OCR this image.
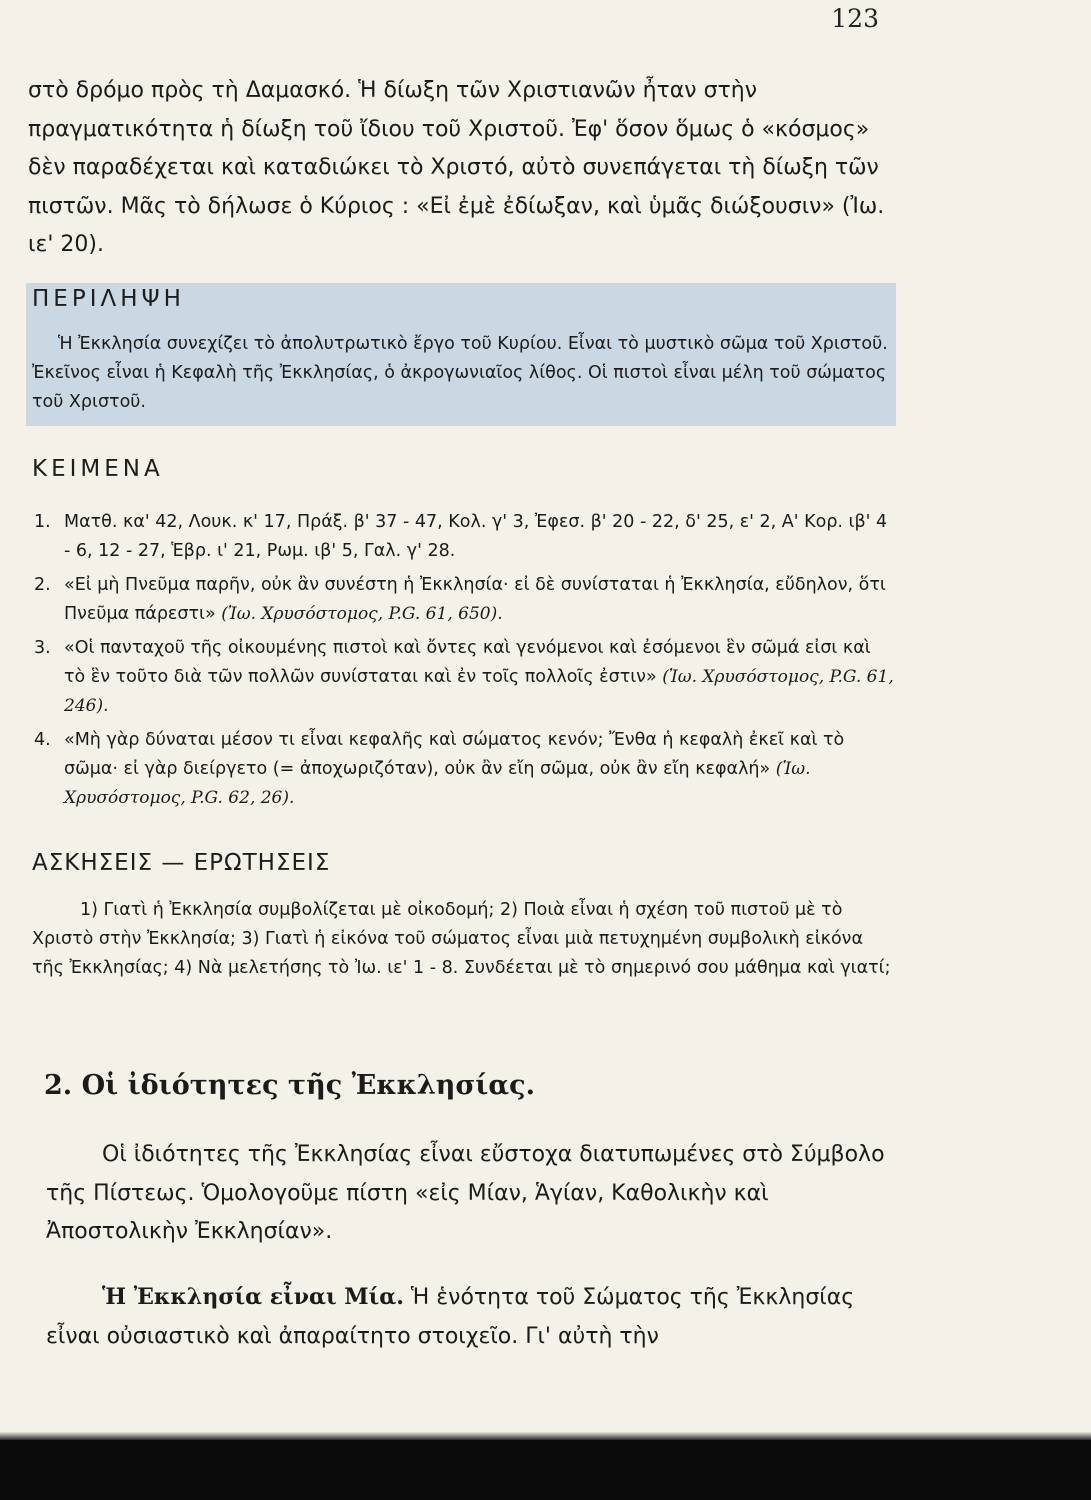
123

στὸ δρόμο πρὸς τὴ Δαμασκό. Ἡ δίωξη τῶν Χριστιανῶν ἦταν στὴν πραγματικότητα ἡ δίωξη τοῦ ἴδιου τοῦ Χριστοῦ. Ἐφ' ὅσον ὅμως ὁ «κόσμος» δὲν παραδέχεται καὶ καταδιώκει τὸ Χριστό, αὐτὸ συνεπάγεται τὴ δίωξη τῶν πιστῶν. Μᾶς τὸ δήλωσε ὁ Κύριος : «Εἰ ἐμὲ ἐδίωξαν, καὶ ὑμᾶς διώξουσιν» (Ἰω. ιε' 20).

ΠΕΡΙΛΗΨΗ

Ἡ Ἐκκλησία συνεχίζει τὸ ἀπολυτρωτικὸ ἔργο τοῦ Κυρίου. Εἶναι τὸ μυστικὸ σῶμα τοῦ Χριστοῦ. Ἐκεῖνος εἶναι ἡ Κεφαλὴ τῆς Ἐκκλησίας, ὁ ἀκρογωνιαῖος λίθος. Οἱ πιστοὶ εἶναι μέλη τοῦ σώματος τοῦ Χριστοῦ.

ΚΕΙΜΕΝΑ
1. Ματθ. κα' 42, Λουκ. κ' 17, Πράξ. β' 37 - 47, Κολ. γ' 3, Ἐφεσ. β' 20 - 22, δ' 25, ε' 2, Α' Κορ. ιβ' 4 - 6, 12 - 27, Ἑβρ. ι' 21, Ρωμ. ιβ' 5, Γαλ. γ' 28.
2. «Εἰ μὴ Πνεῦμα παρῆν, οὐκ ἂν συνέστη ἡ Ἐκκλησία· εἰ δὲ συνίσταται ἡ Ἐκκλησία, εὔδηλον, ὅτι Πνεῦμα πάρεστι» (Ἰω. Χρυσόστομος, P.G. 61, 650).
3. «Οἱ πανταχοῦ τῆς οἰκουμένης πιστοὶ καὶ ὄντες καὶ γενόμενοι καὶ ἐσόμενοι ἓν σῶμά εἰσι καὶ τὸ ἓν τοῦτο διὰ τῶν πολλῶν συνίσταται καὶ ἐν τοῖς πολλοῖς ἐστιν» (Ἰω. Χρυσόστομος, P.G. 61, 246).
4. «Μὴ γὰρ δύναται μέσον τι εἶναι κεφαλῆς καὶ σώματος κενόν; Ἔνθα ἡ κεφαλὴ ἐκεῖ καὶ τὸ σῶμα· εἰ γὰρ διείργετο (= ἀποχωριζόταν), οὐκ ἂν εἴη σῶμα, οὐκ ἂν εἴη κεφαλή» (Ἰω. Χρυσόστομος, P.G. 62, 26).
ΑΣΚΗΣΕΙΣ — ΕΡΩΤΗΣΕΙΣ

1) Γιατὶ ἡ Ἐκκλησία συμβολίζεται μὲ οἰκοδομή; 2) Ποιὰ εἶναι ἡ σχέση τοῦ πιστοῦ μὲ τὸ Χριστὸ στὴν Ἐκκλησία; 3) Γιατὶ ἡ εἰκόνα τοῦ σώματος εἶναι μιὰ πετυχημένη συμβολικὴ εἰκόνα τῆς Ἐκκλησίας; 4) Νὰ μελετήσης τὸ Ἰω. ιε' 1 - 8. Συνδέεται μὲ τὸ σημερινό σου μάθημα καὶ γιατί;

2. Οἱ ἰδιότητες τῆς Ἐκκλησίας.

Οἱ ἰδιότητες τῆς Ἐκκλησίας εἶναι εὔστοχα διατυπωμένες στὸ Σύμβολο τῆς Πίστεως. Ὁμολογοῦμε πίστη «εἰς Μίαν, Ἁγίαν, Καθολικὴν καὶ Ἀποστολικὴν Ἐκκλησίαν».

Ἡ Ἐκκλησία εἶναι Μία. Ἡ ἑνότητα τοῦ Σώματος τῆς Ἐκκλησίας εἶναι οὐσιαστικὸ καὶ ἀπαραίτητο στοιχεῖο. Γι' αὐτὴ τὴν
